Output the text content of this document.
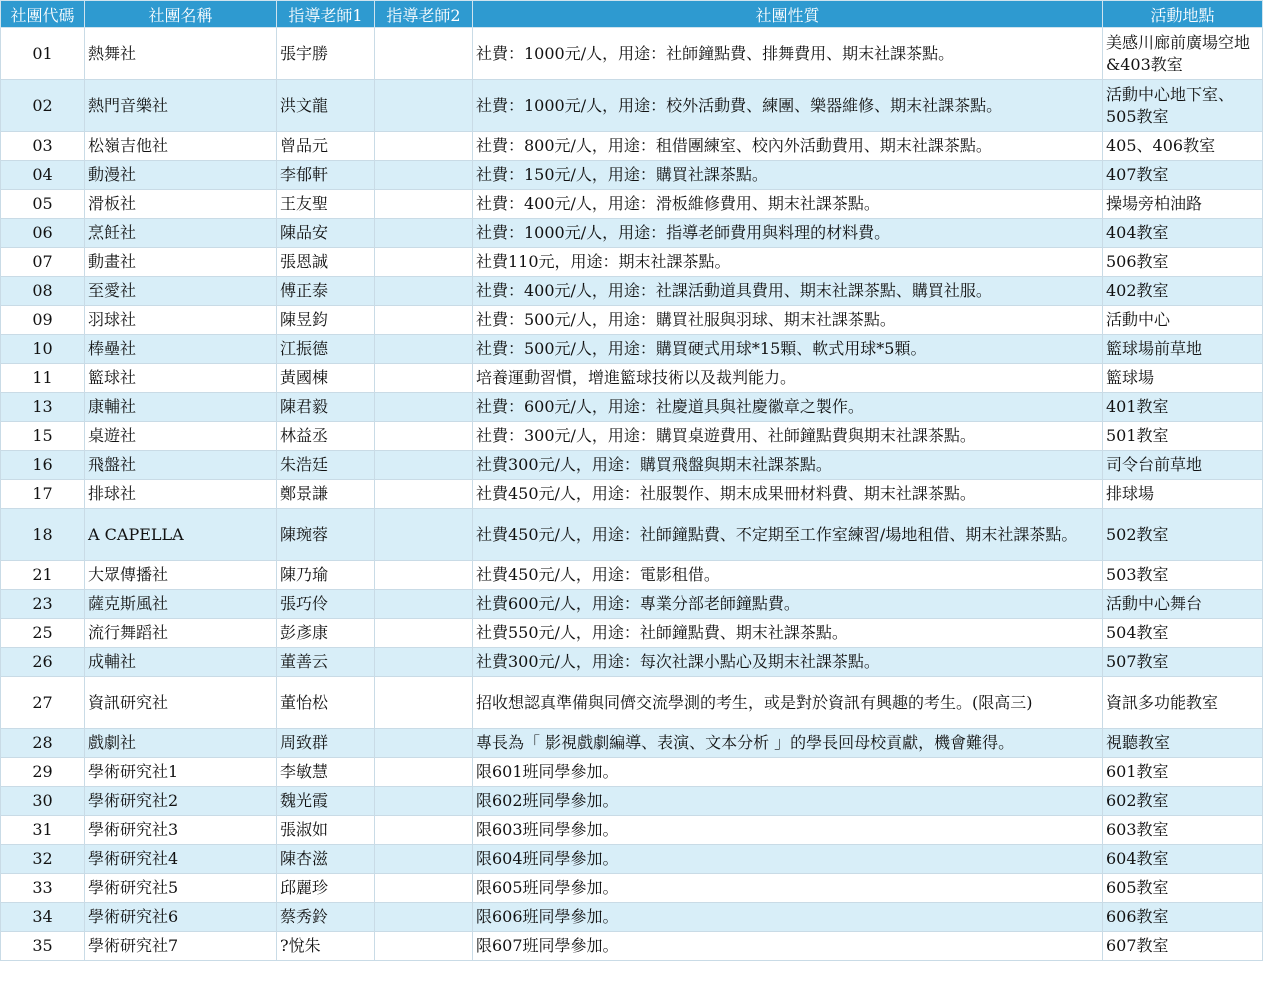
社團代碼	社團名稱	指導老師1	指導老師2	社團性質	活動地點
01	熱舞社	張宇勝		社費：1000元/人，用途：社師鐘點費、排舞費用、期末社課茶點。	美感川廊前廣場空地&403教室
02	熱門音樂社	洪文龍		社費：1000元/人，用途：校外活動費、練團、樂器維修、期末社課茶點。	活動中心地下室、505教室
03	松嶺吉他社	曾品元		社費：800元/人，用途：租借團練室、校內外活動費用、期末社課茶點。	405、406教室
04	動漫社	李郁軒		社費：150元/人，用途：購買社課茶點。	407教室
05	滑板社	王友聖		社費：400元/人，用途：滑板維修費用、期末社課茶點。	操場旁柏油路
06	烹飪社	陳品安		社費：1000元/人，用途：指導老師費用與料理的材料費。	404教室
07	動畫社	張恩誠		社費110元，用途：期末社課茶點。	506教室
08	至愛社	傅正泰		社費：400元/人，用途：社課活動道具費用、期末社課茶點、購買社服。	402教室
09	羽球社	陳昱鈞		社費：500元/人，用途：購買社服與羽球、期末社課茶點。	活動中心
10	棒壘社	江振德		社費：500元/人，用途：購買硬式用球*15顆、軟式用球*5顆。	籃球場前草地
11	籃球社	黃國棟		培養運動習慣，增進籃球技術以及裁判能力。	籃球場
13	康輔社	陳君毅		社費：600元/人，用途：社慶道具與社慶徽章之製作。	401教室
15	桌遊社	林益丞		社費：300元/人，用途：購買桌遊費用、社師鐘點費與期末社課茶點。	501教室
16	飛盤社	朱浩廷		社費300元/人，用途：購買飛盤與期末社課茶點。	司令台前草地
17	排球社	鄭景謙		社費450元/人，用途：社服製作、期末成果冊材料費、期末社課茶點。	排球場
18	A CAPELLA	陳琬蓉		社費450元/人，用途：社師鐘點費、不定期至工作室練習/場地租借、期末社課茶點。	502教室
21	大眾傳播社	陳乃瑜		社費450元/人，用途：電影租借。	503教室
23	薩克斯風社	張巧伶		社費600元/人，用途：專業分部老師鐘點費。	活動中心舞台
25	流行舞蹈社	彭彥康		社費550元/人，用途：社師鐘點費、期末社課茶點。	504教室
26	成輔社	董善云		社費300元/人，用途：每次社課小點心及期末社課茶點。	507教室
27	資訊研究社	董怡松		招收想認真準備與同儕交流學測的考生，或是對於資訊有興趣的考生。(限高三)	資訊多功能教室
28	戲劇社	周致群		專長為「 影視戲劇編導、表演、文本分析 」的學長回母校貢獻，機會難得。	視聽教室
29	學術研究社1	李敏慧		限601班同學參加。	601教室
30	學術研究社2	魏光霞		限602班同學參加。	602教室
31	學術研究社3	張淑如		限603班同學參加。	603教室
32	學術研究社4	陳杏滋		限604班同學參加。	604教室
33	學術研究社5	邱麗珍		限605班同學參加。	605教室
34	學術研究社6	蔡秀鈴		限606班同學參加。	606教室
35	學術研究社7	?悅朱		限607班同學參加。	607教室
